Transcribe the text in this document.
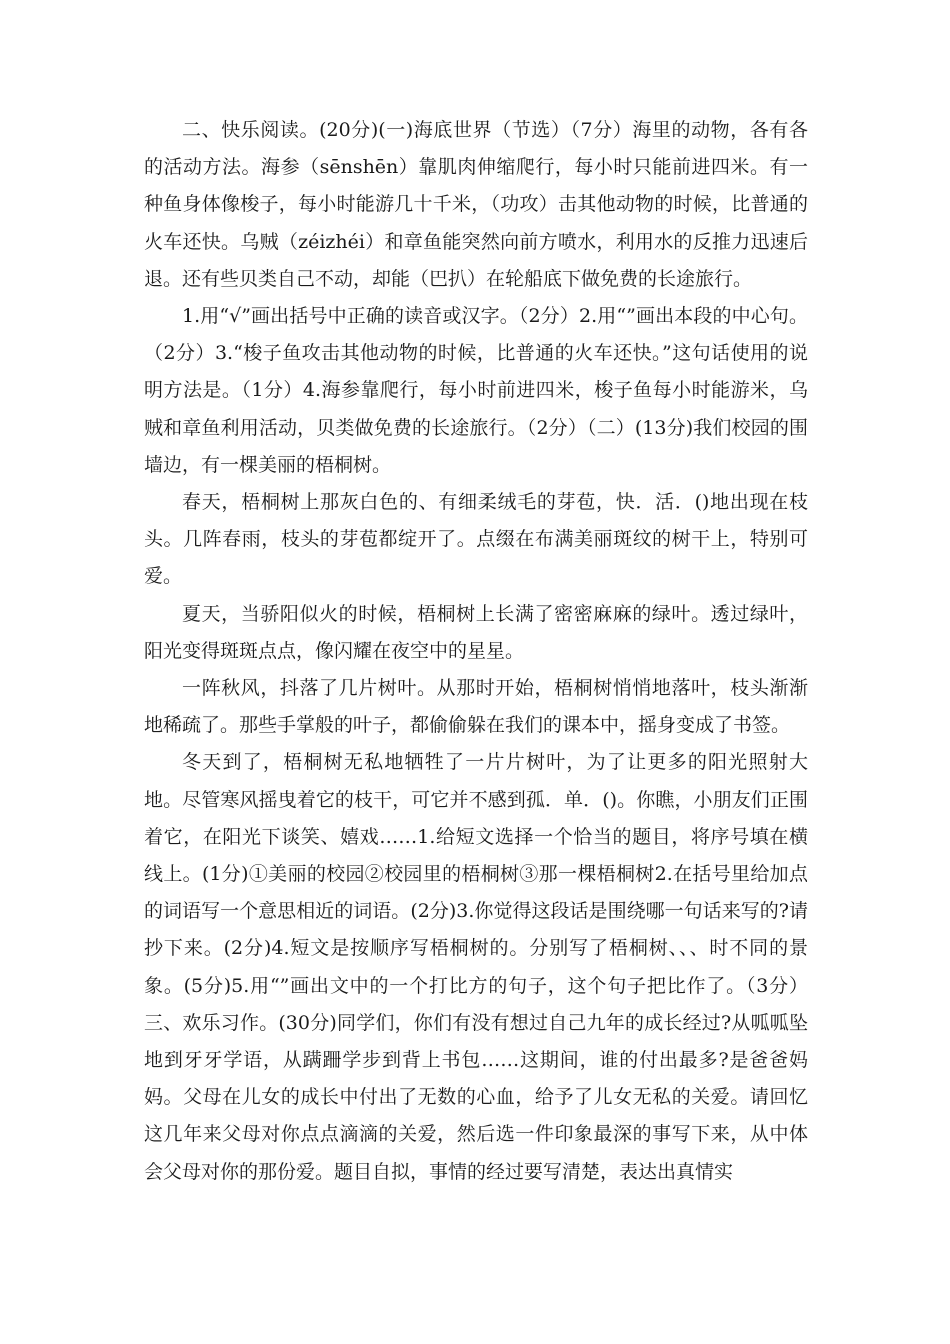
二、快乐阅读。(20分)(一)海底世界（节选）（7分）海里的动物，各有各的活动方法。海参（sēnshēn）靠肌肉伸缩爬行，每小时只能前进四米。有一种鱼身体像梭子，每小时能游几十千米，（功攻）击其他动物的时候，比普通的火车还快。乌贼（zéizhéi）和章鱼能突然向前方喷水，利用水的反推力迅速后退。还有些贝类自己不动，却能（巴扒）在轮船底下做免费的长途旅行。

1.用“√”画出括号中正确的读音或汉字。（2分）2.用“”画出本段的中心句。（2分）3.“梭子鱼攻击其他动物的时候，比普通的火车还快。”这句话使用的说明方法是。（1分）4.海参靠爬行，每小时前进四米，梭子鱼每小时能游米，乌贼和章鱼利用活动，贝类做免费的长途旅行。（2分）（二）(13分)我们校园的围墙边，有一棵美丽的梧桐树。

春天，梧桐树上那灰白色的、有细柔绒毛的芽苞，快．活．()地出现在枝头。几阵春雨，枝头的芽苞都绽开了。点缀在布满美丽斑纹的树干上，特别可爱。

夏天，当骄阳似火的时候，梧桐树上长满了密密麻麻的绿叶。透过绿叶，阳光变得斑斑点点，像闪耀在夜空中的星星。

一阵秋风，抖落了几片树叶。从那时开始，梧桐树悄悄地落叶，枝头渐渐地稀疏了。那些手掌般的叶子，都偷偷躲在我们的课本中，摇身变成了书签。

冬天到了，梧桐树无私地牺牲了一片片树叶，为了让更多的阳光照射大地。尽管寒风摇曳着它的枝干，可它并不感到孤．单．()。你瞧，小朋友们正围着它，在阳光下谈笑、嬉戏……1.给短文选择一个恰当的题目，将序号填在横线上。(1分)①美丽的校园②校园里的梧桐树③那一棵梧桐树2.在括号里给加点的词语写一个意思相近的词语。(2分)3.你觉得这段话是围绕哪一句话来写的?请抄下来。(2分)4.短文是按顺序写梧桐树的。分别写了梧桐树、、、时不同的景象。(5分)5.用“”画出文中的一个打比方的句子，这个句子把比作了。（3分）三、欢乐习作。(30分)同学们，你们有没有想过自己九年的成长经过?从呱呱坠地到牙牙学语，从蹒跚学步到背上书包……这期间，谁的付出最多?是爸爸妈妈。父母在儿女的成长中付出了无数的心血，给予了儿女无私的关爱。请回忆这几年来父母对你点点滴滴的关爱，然后选一件印象最深的事写下来，从中体会父母对你的那份爱。题目自拟，事情的经过要写清楚，表达出真情实
